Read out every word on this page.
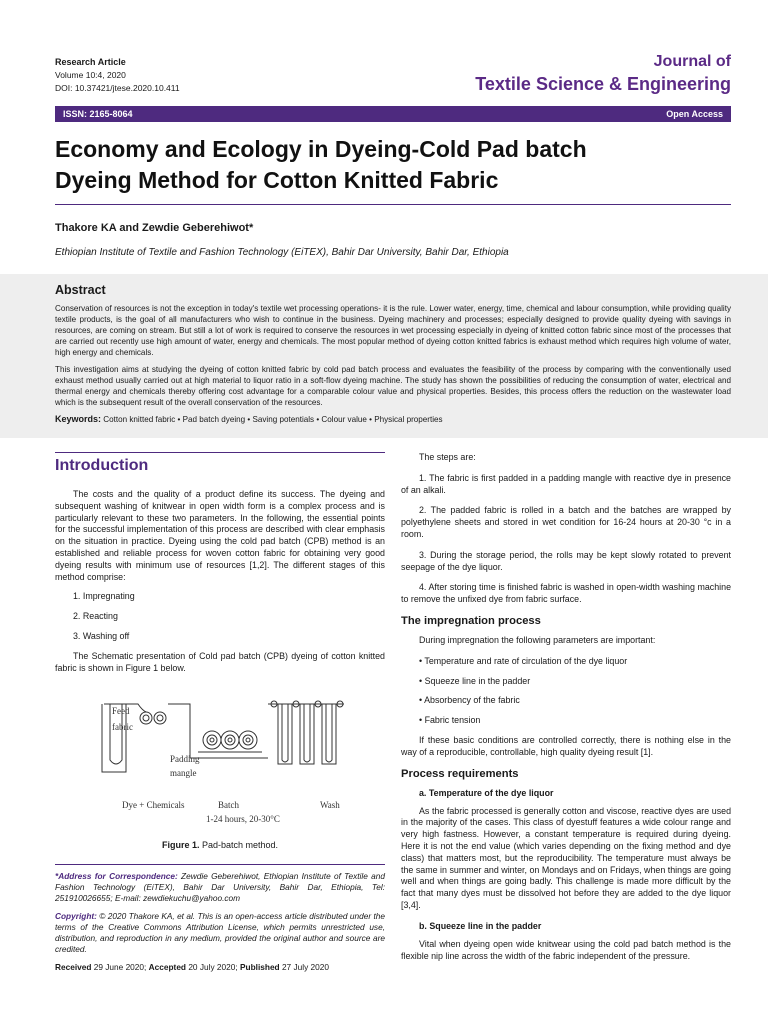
Research Article
Volume 10:4, 2020
DOI: 10.37421/jtese.2020.10.411
Journal of
Textile Science & Engineering
ISSN: 2165-8064	Open Access
Economy and Ecology in Dyeing-Cold Pad batch
Dyeing Method for Cotton Knitted Fabric
Thakore KA and Zewdie Geberehiwot*
Ethiopian Institute of Textile and Fashion Technology (EiTEX), Bahir Dar University, Bahir Dar, Ethiopia
Abstract

Conservation of resources is not the exception in today's textile wet processing operations- it is the rule. Lower water, energy, time, chemical and labour consumption, while providing quality textile products, is the goal of all manufacturers who wish to continue in the business. Dyeing machinery and processes; especially designed to provide quality dyeing with savings in resources, are coming on stream. But still a lot of work is required to conserve the resources in wet processing especially in dyeing of knitted cotton fabric since most of the processes that are carried out recently use high amount of water, energy and chemicals. The most popular method of dyeing cotton knitted fabrics is exhaust method which requires high volume of water, high energy and chemicals.

This investigation aims at studying the dyeing of cotton knitted fabric by cold pad batch process and evaluates the feasibility of the process by comparing with the conventionally used exhaust method usually carried out at high material to liquor ratio in a soft-flow dyeing machine. The study has shown the possibilities of reducing the consumption of water, electrical and thermal energy and chemicals thereby offering cost advantage for a comparable colour value and physical properties. Besides, this process offers the reduction on the wastewater load which is the subsequent result of the overall conservation of the resources.

Keywords: Cotton knitted fabric • Pad batch dyeing • Saving potentials • Colour value • Physical properties
Introduction

The costs and the quality of a product define its success. The dyeing and subsequent washing of knitwear in open width form is a complex process and is particularly relevant to these two parameters. In the following, the essential points for the successful implementation of this process are described with clear emphasis on the situation in practice. Dyeing using the cold pad batch (CPB) method is an established and reliable process for woven cotton fabric for obtaining very good dyeing results with minimum use of resources [1,2]. The different stages of this method comprise:

1. Impregnating

2. Reacting

3. Washing off

The Schematic presentation of Cold pad batch (CPB) dyeing of cotton knitted fabric is shown in Figure 1 below.

Feed
fabric
Padding
mangle
Dye + Chemicals	Batch
1-24 hours, 20-30°C
Wash
Figure 1. Pad-batch method.

*Address for Correspondence: Zewdie Geberehiwot, Ethiopian Institute of Textile and Fashion Technology (EiTEX), Bahir Dar University, Bahir Dar, Ethiopia, Tel: 251910026655; E-mail: zewdiekuchu@yahoo.com

Copyright: © 2020 Thakore KA, et al. This is an open-access article distributed under the terms of the Creative Commons Attribution License, which permits unrestricted use, distribution, and reproduction in any medium, provided the original author and source are credited.

Received 29 June 2020; Accepted 20 July 2020; Published 27 July 2020

The steps are:

1. The fabric is first padded in a padding mangle with reactive dye in presence of an alkali.

2. The padded fabric is rolled in a batch and the batches are wrapped by polyethylene sheets and stored in wet condition for 16-24 hours at 20-30 °c in a room.

3. During the storage period, the rolls may be kept slowly rotated to prevent seepage of the dye liquor.

4. After storing time is finished fabric is washed in open-width washing machine to remove the unfixed dye from fabric surface.

The impregnation process

During impregnation the following parameters are important:

• Temperature and rate of circulation of the dye liquor

• Squeeze line in the padder

• Absorbency of the fabric

• Fabric tension

If these basic conditions are controlled correctly, there is nothing else in the way of a reproducible, controllable, high quality dyeing result [1].

Process requirements
a. Temperature of the dye liquor

As the fabric processed is generally cotton and viscose, reactive dyes are used in the majority of the cases. This class of dyestuff features a wide colour range and very high fastness. However, a constant temperature is required during dyeing. Here it is not the end value (which varies depending on the fixing method and dye class) that matters most, but the reproducibility. The temperature must always be the same in summer and winter, on Mondays and on Fridays, when things are going well and when things are going badly. This challenge is made more difficult by the fact that many dyes must be dissolved hot before they are added to the dye liquor [3,4].

b. Squeeze line in the padder

Vital when dyeing open wide knitwear using the cold pad batch method is the flexible nip line across the width of the fabric independent of the pressure.
